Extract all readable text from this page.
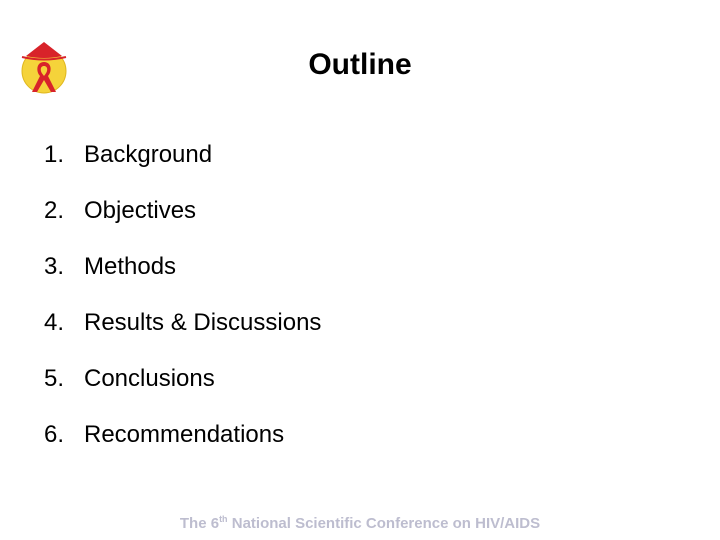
Outline
1. Background
2. Objectives
3. Methods
4. Results & Discussions
5. Conclusions
6. Recommendations
The 6th National Scientific Conference on HIV/AIDS
